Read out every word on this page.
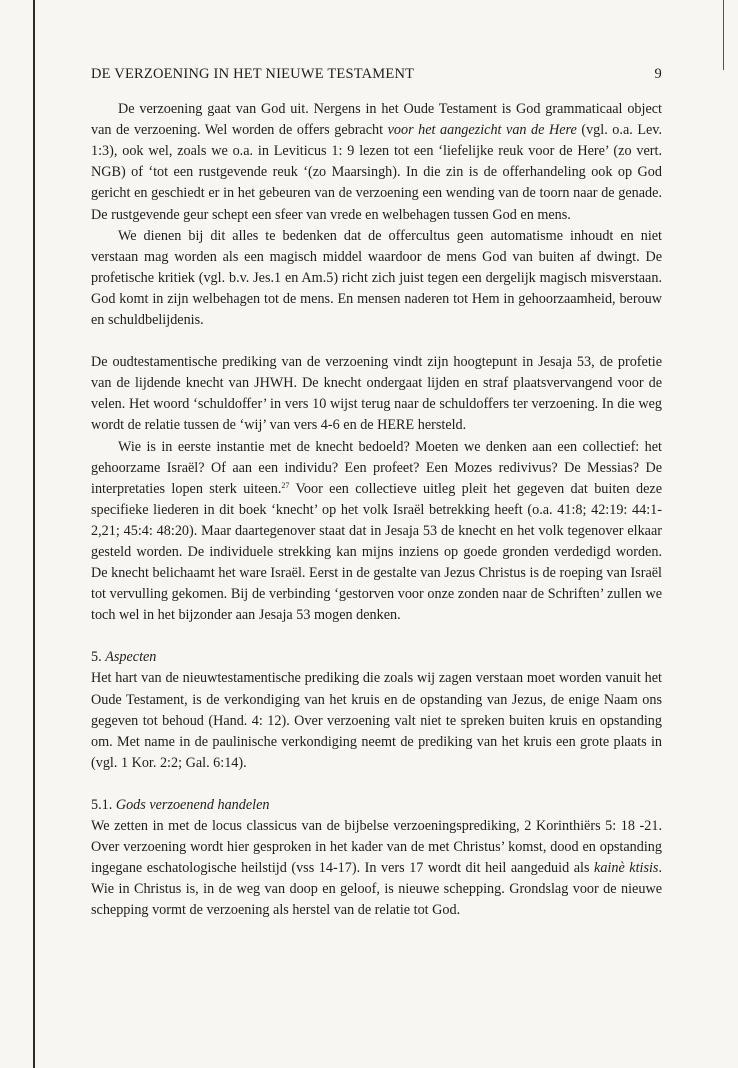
DE VERZOENING IN HET NIEUWE TESTAMENT	9

De verzoening gaat van God uit. Nergens in het Oude Testament is God grammaticaal object van de verzoening. Wel worden de offers gebracht voor het aangezicht van de Here (vgl. o.a. Lev. 1:3), ook wel, zoals we o.a. in Leviticus 1: 9 lezen tot een ‘liefelijke reuk voor de Here’ (zo vert. NGB) of ‘tot een rustgevende reuk ‘(zo Maarsingh). In die zin is de offerhandeling ook op God gericht en geschiedt er in het gebeuren van de verzoening een wending van de toorn naar de genade. De rustgevende geur schept een sfeer van vrede en welbehagen tussen God en mens.

We dienen bij dit alles te bedenken dat de offercultus geen automatisme inhoudt en niet verstaan mag worden als een magisch middel waardoor de mens God van buiten af dwingt. De profetische kritiek (vgl. b.v. Jes.1 en Am.5) richt zich juist tegen een dergelijk magisch misverstaan. God komt in zijn welbehagen tot de mens. En mensen naderen tot Hem in gehoorzaamheid, berouw en schuldbelijdenis.

De oudtestamentische prediking van de verzoening vindt zijn hoogtepunt in Jesaja 53, de profetie van de lijdende knecht van JHWH. De knecht ondergaat lijden en straf plaatsvervangend voor de velen. Het woord ‘schuldoffer’ in vers 10 wijst terug naar de schuldoffers ter verzoening. In die weg wordt de relatie tussen de ‘wij’ van vers 4-6 en de HERE hersteld.

Wie is in eerste instantie met de knecht bedoeld? Moeten we denken aan een collectief: het gehoorzame Israël? Of aan een individu? Een profeet? Een Mozes redivivus? De Messias? De interpretaties lopen sterk uiteen.$^{27}$ Voor een collectieve uitleg pleit het gegeven dat buiten deze specifieke liederen in dit boek ‘knecht’ op het volk Israël betrekking heeft (o.a. 41:8; 42:19: 44:1-2,21; 45:4: 48:20). Maar daartegenover staat dat in Jesaja 53 de knecht en het volk tegenover elkaar gesteld worden. De individuele strekking kan mijns inziens op goede gronden verdedigd worden. De knecht belichaamt het ware Israël. Eerst in de gestalte van Jezus Christus is de roeping van Israël tot vervulling gekomen. Bij de verbinding ‘gestorven voor onze zonden naar de Schriften’ zullen we toch wel in het bijzonder aan Jesaja 53 mogen denken.

5. Aspecten

Het hart van de nieuwtestamentische prediking die zoals wij zagen verstaan moet worden vanuit het Oude Testament, is de verkondiging van het kruis en de opstanding van Jezus, de enige Naam ons gegeven tot behoud (Hand. 4: 12). Over verzoening valt niet te spreken buiten kruis en opstanding om. Met name in de paulinische verkondiging neemt de prediking van het kruis een grote plaats in (vgl. 1 Kor. 2:2; Gal. 6:14).

5.1. Gods verzoenend handelen

We zetten in met de locus classicus van de bijbelse verzoeningsprediking, 2 Korinthiërs 5: 18 -21. Over verzoening wordt hier gesproken in het kader van de met Christus’ komst, dood en opstanding ingegane eschatologische heilstijd (vss 14-17). In vers 17 wordt dit heil aangeduid als kainè ktisis. Wie in Christus is, in de weg van doop en geloof, is nieuwe schepping. Grondslag voor de nieuwe schepping vormt de verzoening als herstel van de relatie tot God.
